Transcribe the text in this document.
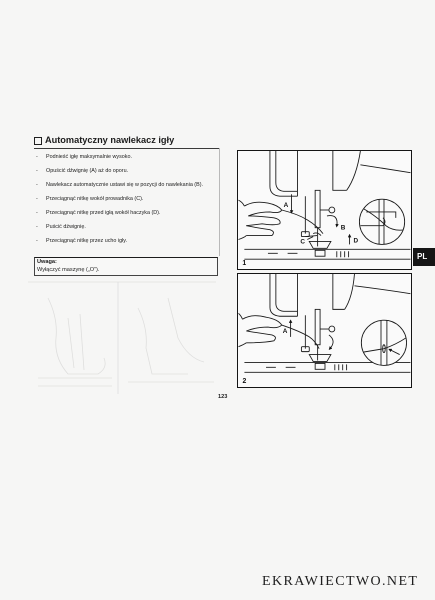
Automatyczny nawlekacz igły
-	Podnieść igłę maksymalnie wysoko.
-	Opuścić dźwignię (A) aż do oporu.
-	Nawlekacz automatycznie ustawi się w pozycji do nawlekania (B).
-	Przeciągnąć nitkę wokół prowadnika (C).
-	Przeciągnąć nitkę przed igłą wokół haczyka (D).
-	Puścić dźwignię.
-	Przeciągnąć nitkę przez ucho igły.
Uwaga:
Wyłączyć maszynę („O”).
A
B
C	D
1
A
2
PL
123
EKRAWIECTWO.NET
